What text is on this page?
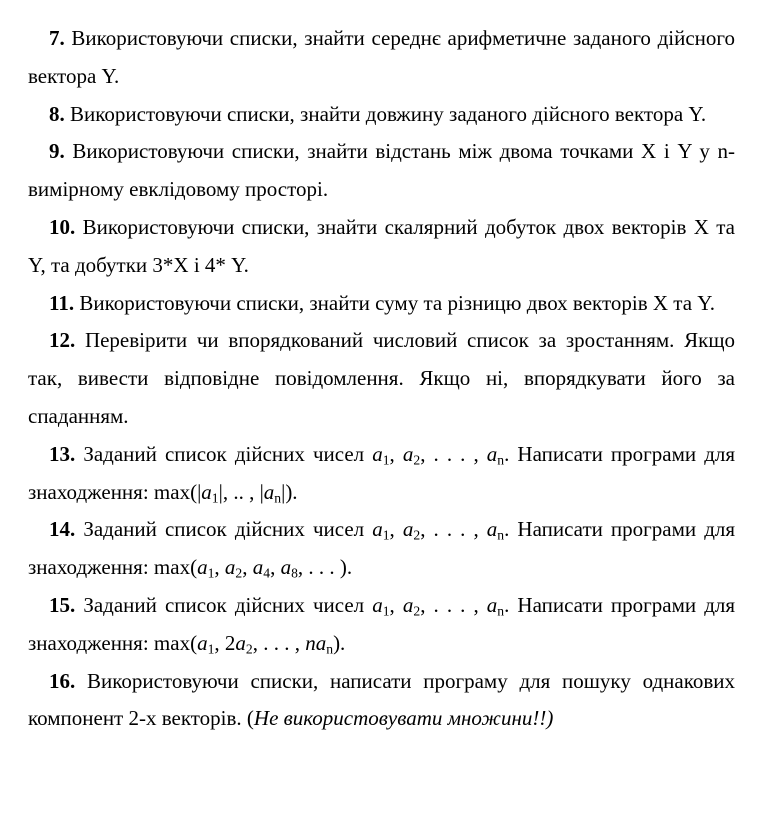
7. Використовуючи списки, знайти середнє арифметичне заданого дійсного вектора Y.

8. Використовуючи списки, знайти довжину заданого дійсного вектора Y.

9. Використовуючи списки, знайти відстань між двома точками X і Y у n-вимірному евклідовому просторі.

10. Використовуючи списки, знайти скалярний добуток двох векторів X та Y, та добутки 3*X і 4* Y.

11. Використовуючи списки, знайти суму та різницю двох векторів X та Y.

12. Перевірити чи впорядкований числовий список за зростанням. Якщо так, вивести відповідне повідомлення. Якщо ні, впорядкувати його за спаданням.

13. Заданий список дійсних чисел $a_1$, $a_2$, . . . , $a_n$. Написати програми для знаходження: $\max(|a_1|$, .. , $|a_n|$).

14. Заданий список дійсних чисел $a_1$, $a_2$, . . . , $a_n$. Написати програми для знаходження: $\max(a_1$, $a_2$, $a_4$, $a_8$, . . . ).

15. Заданий список дійсних чисел $a_1$, $a_2$, . . . , $a_n$. Написати програми для знаходження: $\max(a_1$, $2a_2$, . . . , $na_n$).

16. Використовуючи списки, написати програму для пошуку однакових компонент 2-х векторів. (Не використовувати множини!!)
